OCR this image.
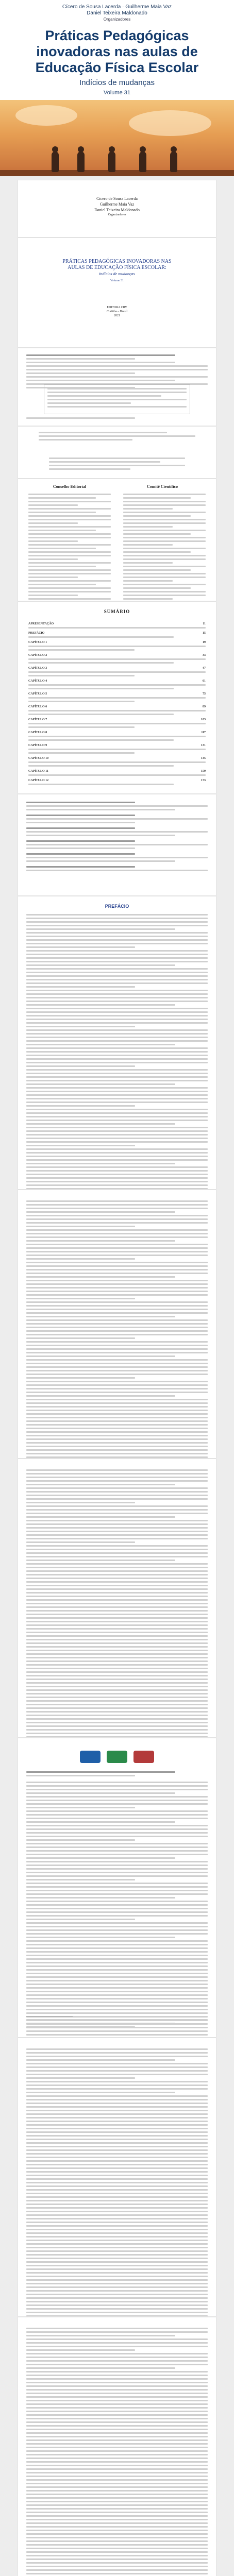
Cícero de Sousa Lacerda · Guilherme Maia Vaz
Daniel Teixeira Maldonado
Organizadores
Práticas Pedagógicas inovadoras nas aulas de Educação Física Escolar
Indícios de mudanças
Volume 31
Cícero de Sousa Lacerda
Guilherme Maia Vaz
Daniel Teixeira Maldonado
Organizadores
PRÁTICAS PEDAGÓGICAS INOVADORAS NAS AULAS DE EDUCAÇÃO FÍSICA ESCOLAR:
indícios de mudanças
Volume 31
EDITORA CRV
Curitiba – Brasil
2021
Conselho Editorial	Comitê Científico
SUMÁRIO
APRESENTAÇÃO	11
PREFÁCIO	15
CAPÍTULO 1	19
CAPÍTULO 2	33
CAPÍTULO 3	47
CAPÍTULO 4	61
CAPÍTULO 5	75
CAPÍTULO 6	89
CAPÍTULO 7	103
CAPÍTULO 8	117
CAPÍTULO 9	131
CAPÍTULO 10	145
CAPÍTULO 11	159
CAPÍTULO 12	173
PREFÁCIO
